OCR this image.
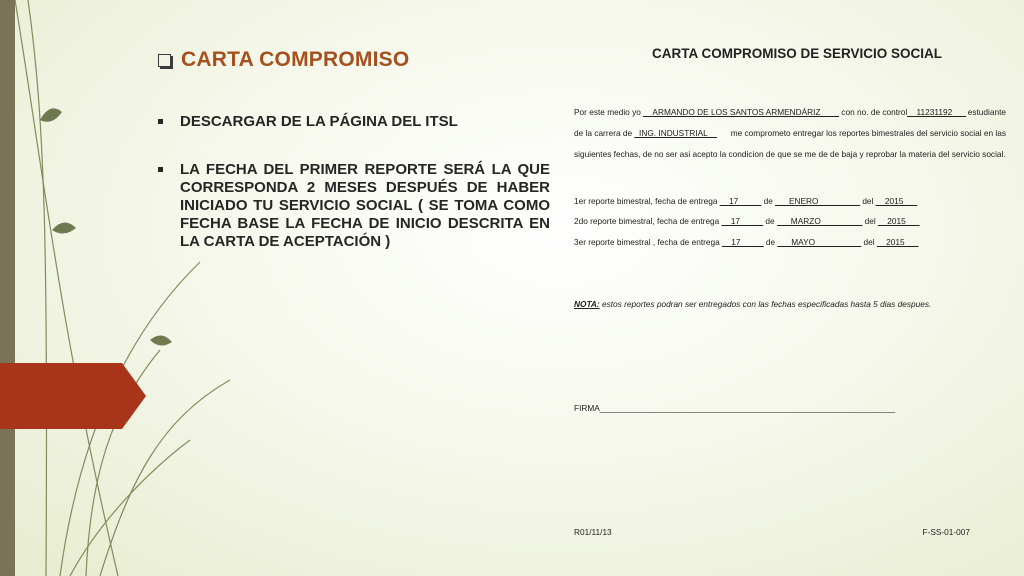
CARTA COMPROMISO
DESCARGAR DE LA PÁGINA DEL ITSL
LA FECHA DEL PRIMER REPORTE SERÁ LA QUE CORRESPONDA 2 MESES DESPUÉS DE HABER INICIADO TU SERVICIO SOCIAL ( SE TOMA COMO FECHA BASE LA FECHA DE INICIO DESCRITA EN LA CARTA DE ACEPTACIÓN )
CARTA COMPROMISO DE SERVICIO SOCIAL
Por este medio yo __ARMANDO DE LOS SANTOS ARMENDÁRIZ____ con no. de control__11231192___ estudiante
de la carrera de _ING. INDUSTRIAL__ me comprometo entregar los reportes bimestrales del servicio social en las
siguientes fechas, de no ser asi acepto la condicion de que se me de de baja y reprobar la materia del servicio social.
1er reporte bimestral, fecha de entrega __17_____ de ___ENERO_________ del __2015___
2do reporte bimestral, fecha de entrega __17_____ de ___MARZO_________ del __2015___
3er reporte bimestral , fecha de entrega __17_____ de ___MAYO__________ del __2015___
NOTA: estos reportes podran ser entregados con las fechas especificadas hasta 5 dias despues.
FIRMA________________________________________________________________
R01/11/13	F-SS-01-007
